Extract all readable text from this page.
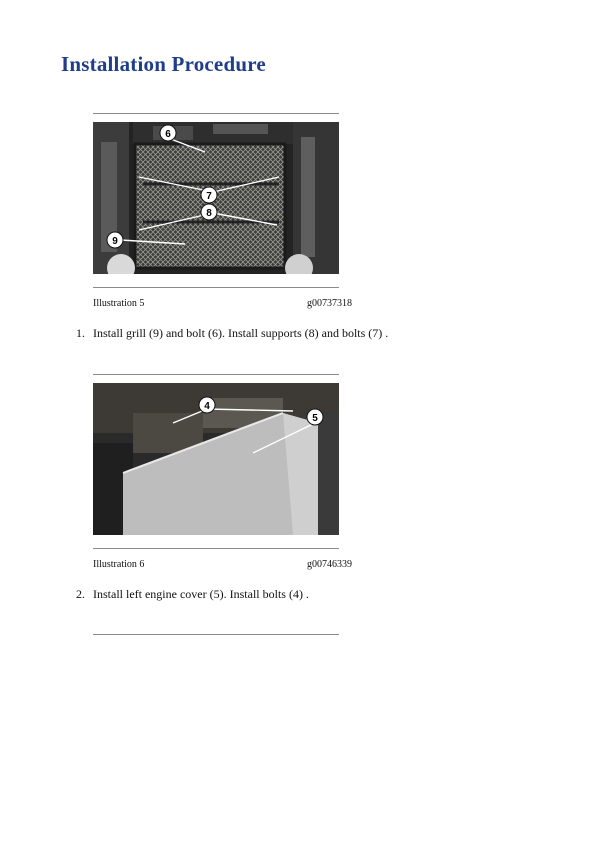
Installation Procedure
6
7
8
9
Illustration 5	g00737318
1. Install grill (9) and bolt (6). Install supports (8) and bolts (7) .
4
5
Illustration 6	g00746339
2. Install left engine cover (5). Install bolts (4) .
